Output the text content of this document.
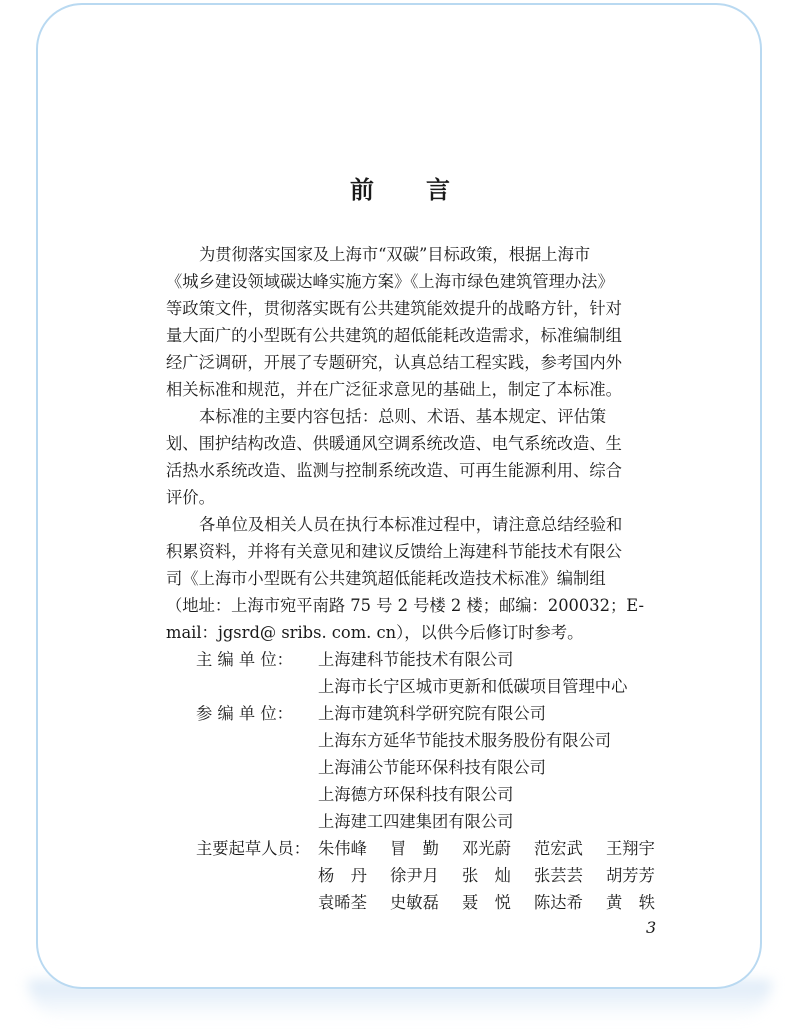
前 言
为贯彻落实国家及上海市“双碳”目标政策，根据上海市
《城乡建设领域碳达峰实施方案》《上海市绿色建筑管理办法》
等政策文件，贯彻落实既有公共建筑能效提升的战略方针，针对
量大面广的小型既有公共建筑的超低能耗改造需求，标准编制组
经广泛调研，开展了专题研究，认真总结工程实践，参考国内外
相关标准和规范，并在广泛征求意见的基础上，制定了本标准。
本标准的主要内容包括：总则、术语、基本规定、评估策
划、围护结构改造、供暖通风空调系统改造、电气系统改造、生
活热水系统改造、监测与控制系统改造、可再生能源利用、综合
评价。
各单位及相关人员在执行本标准过程中，请注意总结经验和
积累资料，并将有关意见和建议反馈给上海建科节能技术有限公
司《上海市小型既有公共建筑超低能耗改造技术标准》编制组
（地址：上海市宛平南路 75 号 2 号楼 2 楼；邮编：200032；E-
mail：jgsrd@ sribs. com. cn），以供今后修订时参考。
主 编 单 位：	上海建科节能技术有限公司
上海市长宁区城市更新和低碳项目管理中心
参 编 单 位：	上海市建筑科学研究院有限公司
上海东方延华节能技术服务股份有限公司
上海浦公节能环保科技有限公司
上海德方环保科技有限公司
上海建工四建集团有限公司
主要起草人员： 朱伟峰	冒　勤	邓光蔚	范宏武	王翔宇
杨　丹	徐尹月	张　灿	张芸芸	胡芳芳
袁晞荃	史敏磊	聂　悦	陈达希	黄　轶
3
